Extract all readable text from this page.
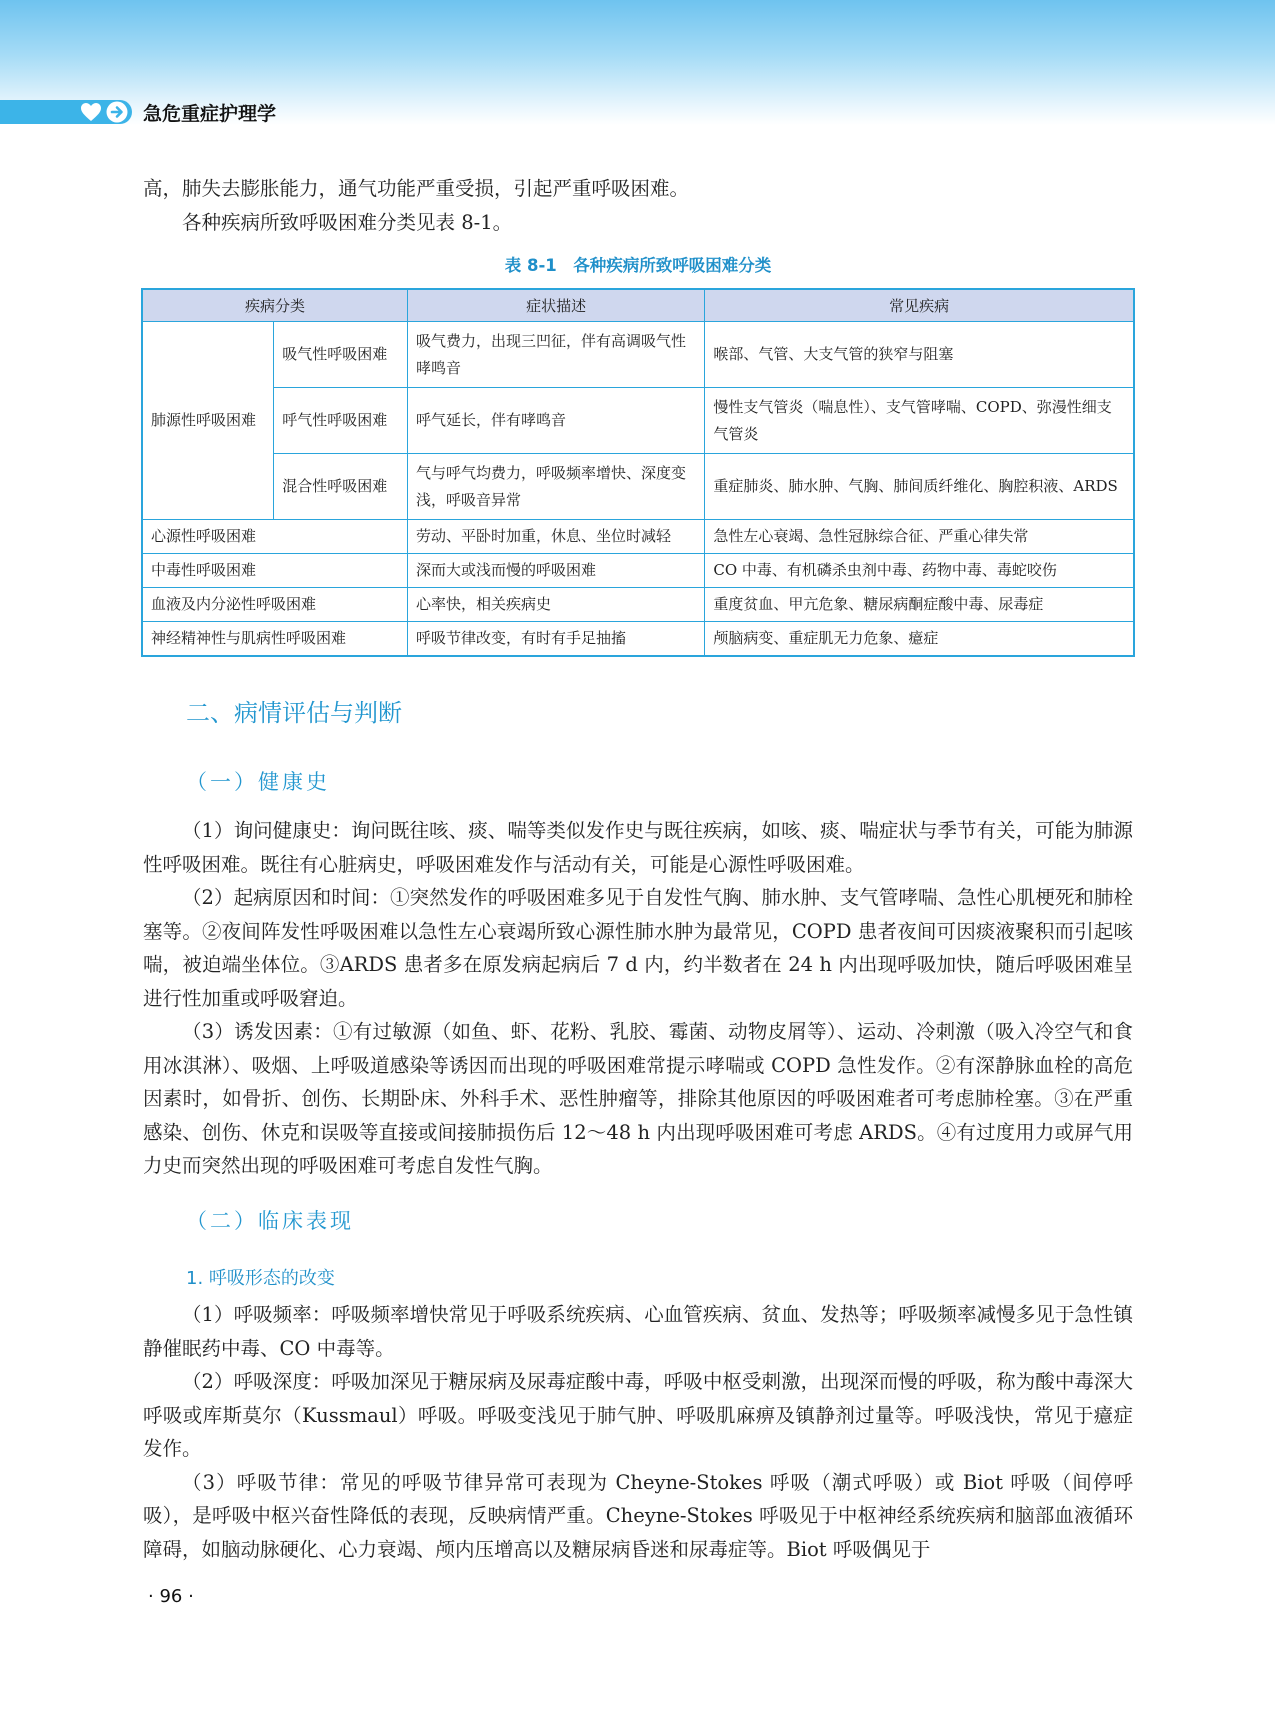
急危重症护理学

高，肺失去膨胀能力，通气功能严重受损，引起严重呼吸困难。

各种疾病所致呼吸困难分类见表 8-1。

表 8-1　各种疾病所致呼吸困难分类
疾病分类		症状描述	常见疾病
肺源性呼吸困难	吸气性呼吸困难	吸气费力，出现三凹征，伴有高调吸气性哮鸣音	喉部、气管、大支气管的狭窄与阻塞
	呼气性呼吸困难	呼气延长，伴有哮鸣音	慢性支气管炎（喘息性）、支气管哮喘、COPD、弥漫性细支气管炎
	混合性呼吸困难	气与呼气均费力，呼吸频率增快、深度变浅，呼吸音异常	重症肺炎、肺水肿、气胸、肺间质纤维化、胸腔积液、ARDS
心源性呼吸困难		劳动、平卧时加重，休息、坐位时减轻	急性左心衰竭、急性冠脉综合征、严重心律失常
中毒性呼吸困难		深而大或浅而慢的呼吸困难	CO 中毒、有机磷杀虫剂中毒、药物中毒、毒蛇咬伤
血液及内分泌性呼吸困难		心率快，相关疾病史	重度贫血、甲亢危象、糖尿病酮症酸中毒、尿毒症
神经精神性与肌病性呼吸困难		呼吸节律改变，有时有手足抽搐	颅脑病变、重症肌无力危象、癔症
二、病情评估与判断
（一）健康史

（1）询问健康史：询问既往咳、痰、喘等类似发作史与既往疾病，如咳、痰、喘症状与季节有关，可能为肺源性呼吸困难。既往有心脏病史，呼吸困难发作与活动有关，可能是心源性呼吸困难。

（2）起病原因和时间：①突然发作的呼吸困难多见于自发性气胸、肺水肿、支气管哮喘、急性心肌梗死和肺栓塞等。②夜间阵发性呼吸困难以急性左心衰竭所致心源性肺水肿为最常见，COPD 患者夜间可因痰液聚积而引起咳喘，被迫端坐体位。③ARDS 患者多在原发病起病后 7 d 内，约半数者在 24 h 内出现呼吸加快，随后呼吸困难呈进行性加重或呼吸窘迫。

（3）诱发因素：①有过敏源（如鱼、虾、花粉、乳胶、霉菌、动物皮屑等）、运动、冷刺激（吸入冷空气和食用冰淇淋）、吸烟、上呼吸道感染等诱因而出现的呼吸困难常提示哮喘或 COPD 急性发作。②有深静脉血栓的高危因素时，如骨折、创伤、长期卧床、外科手术、恶性肿瘤等，排除其他原因的呼吸困难者可考虑肺栓塞。③在严重感染、创伤、休克和误吸等直接或间接肺损伤后 12～48 h 内出现呼吸困难可考虑 ARDS。④有过度用力或屏气用力史而突然出现的呼吸困难可考虑自发性气胸。

（二）临床表现
1. 呼吸形态的改变

（1）呼吸频率：呼吸频率增快常见于呼吸系统疾病、心血管疾病、贫血、发热等；呼吸频率减慢多见于急性镇静催眠药中毒、CO 中毒等。

（2）呼吸深度：呼吸加深见于糖尿病及尿毒症酸中毒，呼吸中枢受刺激，出现深而慢的呼吸，称为酸中毒深大呼吸或库斯莫尔（Kussmaul）呼吸。呼吸变浅见于肺气肿、呼吸肌麻痹及镇静剂过量等。呼吸浅快，常见于癔症发作。

（3）呼吸节律：常见的呼吸节律异常可表现为 Cheyne-Stokes 呼吸（潮式呼吸）或 Biot 呼吸（间停呼吸），是呼吸中枢兴奋性降低的表现，反映病情严重。Cheyne-Stokes 呼吸见于中枢神经系统疾病和脑部血液循环障碍，如脑动脉硬化、心力衰竭、颅内压增高以及糖尿病昏迷和尿毒症等。Biot 呼吸偶见于

· 96 ·
